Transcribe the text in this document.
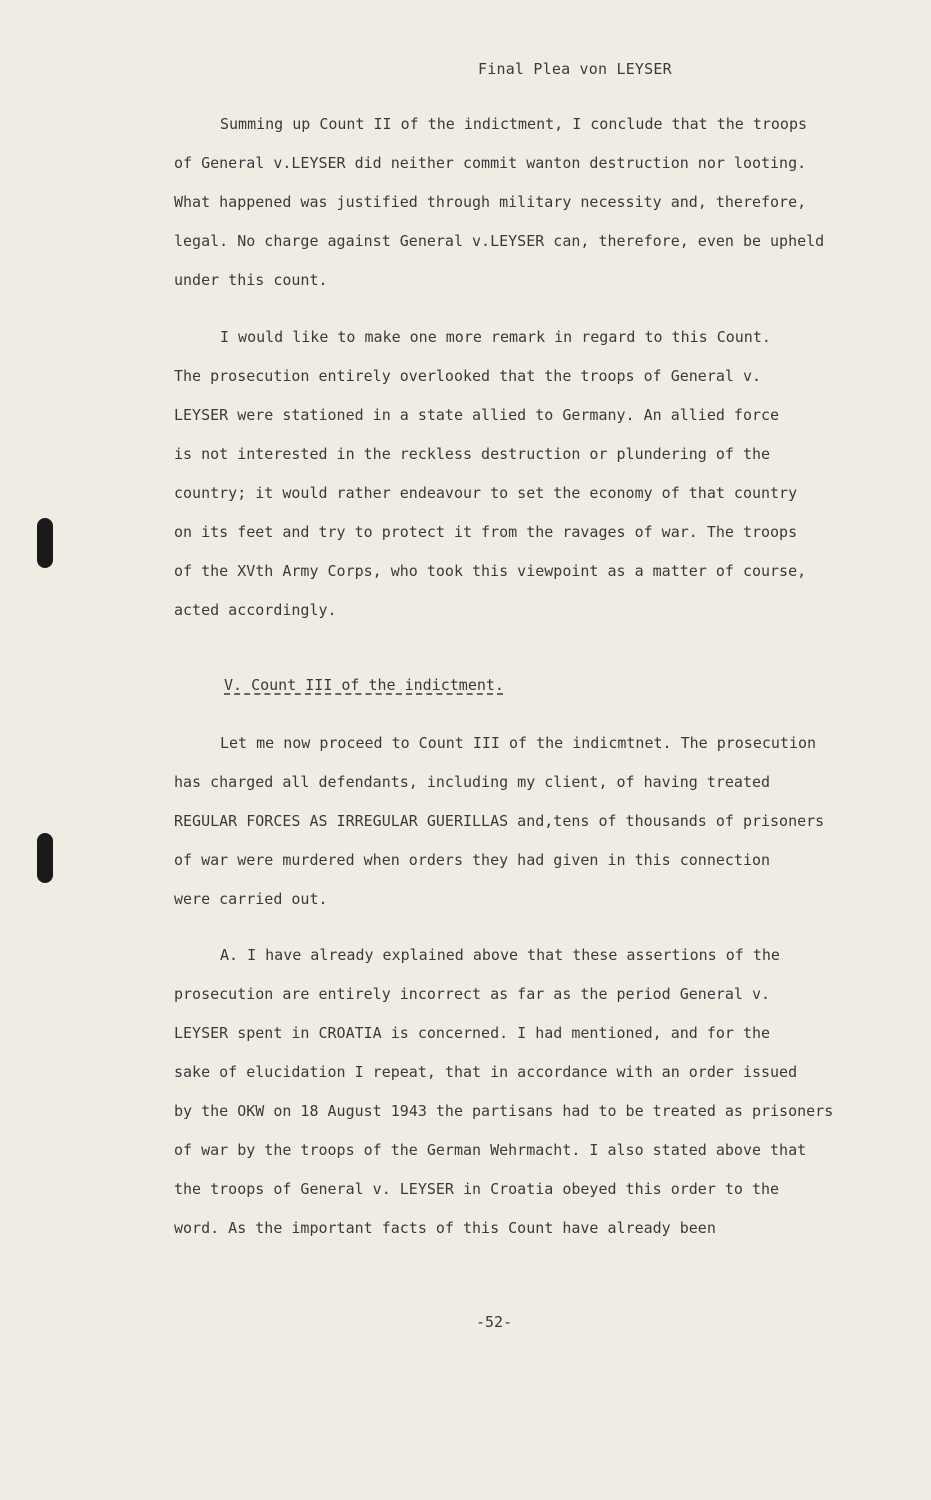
Final Plea von LEYSER
Summing up Count II of the indictment, I conclude that the troops
of General v.LEYSER did neither commit wanton destruction nor looting.
What happened was justified through military necessity and, therefore,
legal. No charge against General v.LEYSER can, therefore, even be upheld
under this count.
I would like to make one more remark in regard to this Count.
The prosecution entirely overlooked that the troops of General v.
LEYSER were stationed in a state allied to Germany. An allied force
is not interested in the reckless destruction or plundering of the
country; it would rather endeavour to set the economy of that country
on its feet and try to protect it from the ravages of war. The troops
of the XVth Army Corps, who took this viewpoint as a matter of course,
acted accordingly.
V. Count III of the indictment.
Let me now proceed to Count III of the indicmtnet. The prosecution
has charged all defendants, including my client, of having treated
REGULAR FORCES AS IRREGULAR GUERILLAS and,tens of thousands of prisoners
of war were murdered when orders they had given in this connection
were carried out.
A. I have already explained above that these assertions of the
prosecution are entirely incorrect as far as the period General v.
LEYSER spent in CROATIA is concerned. I had mentioned, and for the
sake of elucidation I repeat, that in accordance with an order issued
by the OKW on 18 August 1943 the partisans had to be treated as prisoners
of war by the troops of the German Wehrmacht. I also stated above that
the troops of General v. LEYSER in Croatia obeyed this order to the
word. As the important facts of this Count have already been
-52-
